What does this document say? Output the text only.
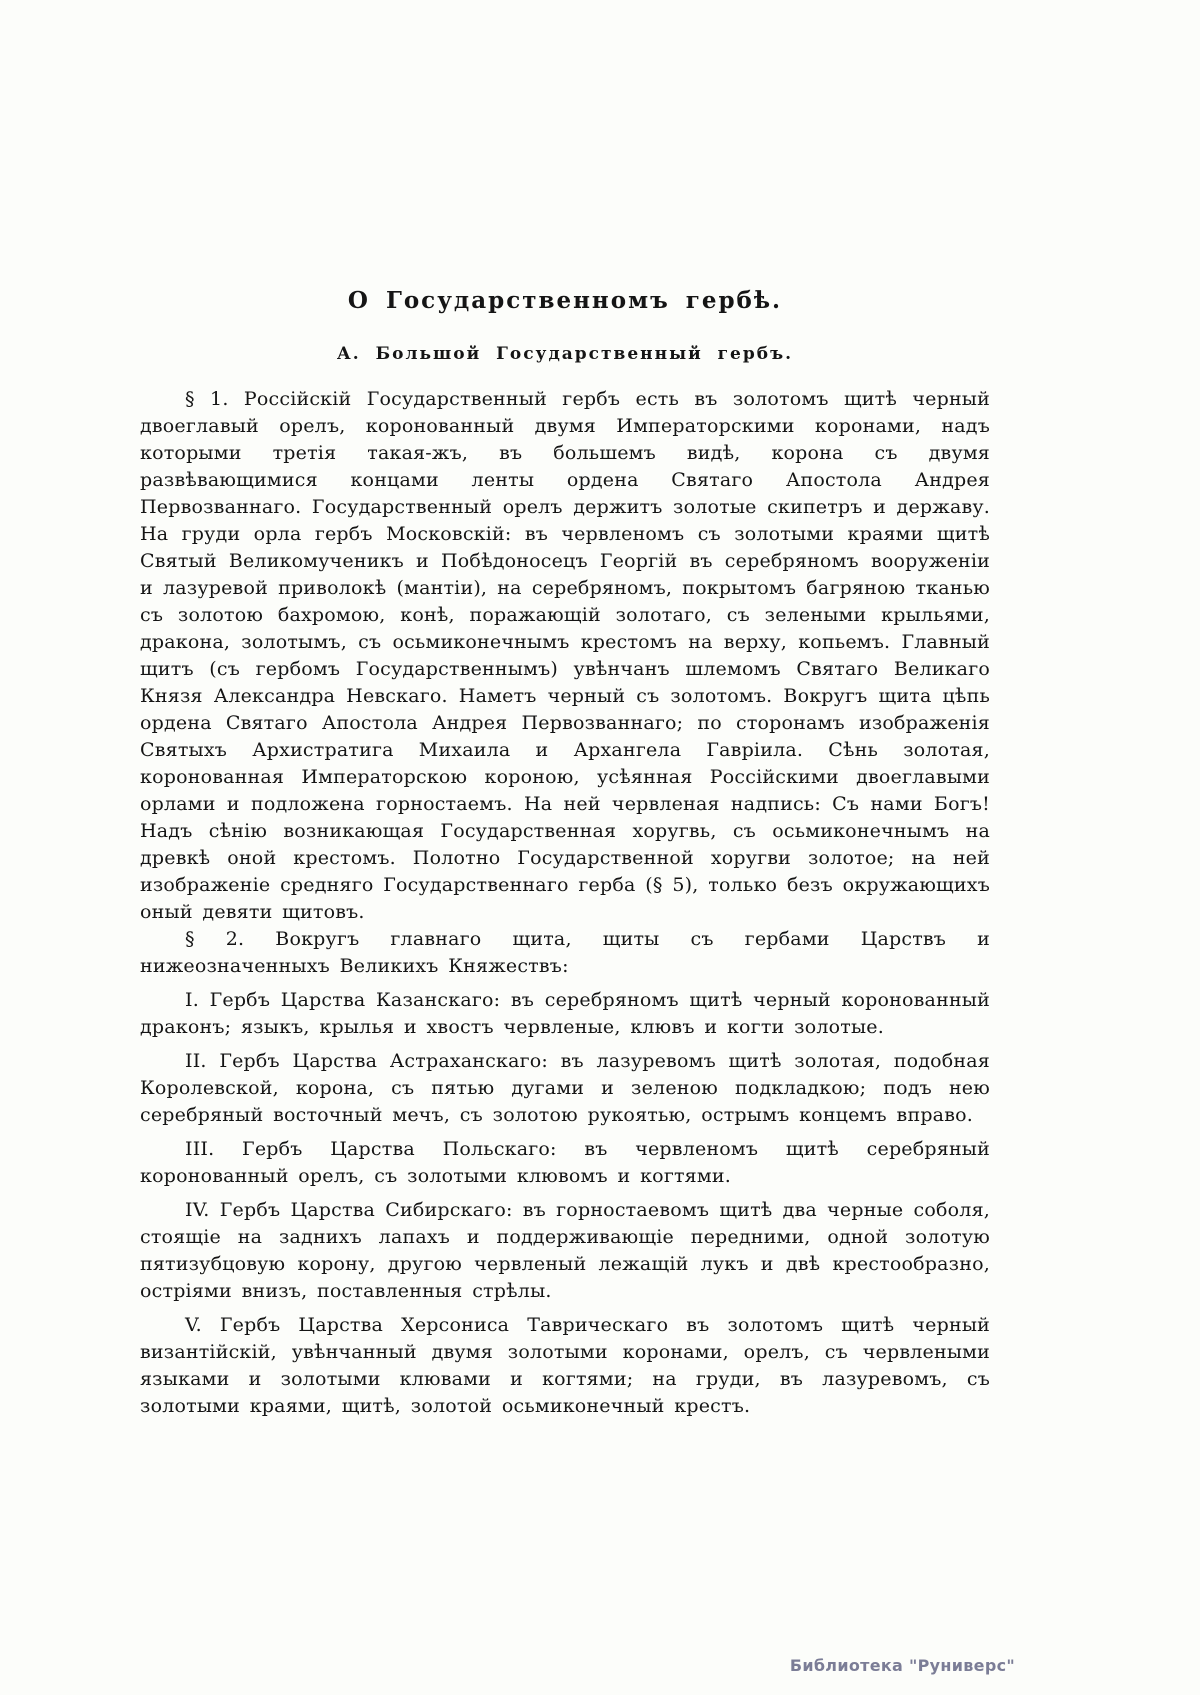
О Государственномъ гербѣ.
А. Большой Государственный гербъ.

§ 1. Россійскій Государственный гербъ есть въ золотомъ щитѣ черный двоеглавый орелъ, коронованный двумя Императорскими коронами, надъ которыми третія такая-жъ, въ большемъ видѣ, корона съ двумя развѣвающимися концами ленты ордена Святаго Апостола Андрея Первозваннаго. Государственный орелъ держитъ золотые скипетръ и державу. На груди орла гербъ Московскій: въ червленомъ съ золотыми краями щитѣ Святый Великомученикъ и Побѣдоносецъ Георгій въ серебряномъ вооруженіи и лазуревой приволокѣ (мантіи), на серебряномъ, покрытомъ багряною тканью съ золотою бахромою, конѣ, поражающій золотаго, съ зелеными крыльями, дракона, золотымъ, съ осьмиконечнымъ крестомъ на верху, копьемъ. Главный щитъ (съ гербомъ Государственнымъ) увѣнчанъ шлемомъ Святаго Великаго Князя Александра Невскаго. Наметъ черный съ золотомъ. Вокругъ щита цѣпь ордена Святаго Апостола Андрея Первозваннаго; по сторонамъ изображенія Святыхъ Архистратига Михаила и Архангела Гавріила. Сѣнь золотая, коронованная Императорскою короною, усѣянная Россійскими двоеглавыми орлами и подложена горностаемъ. На ней червленая надпись: Съ нами Богъ! Надъ сѣнію возникающая Государственная хоругвь, съ осьмиконечнымъ на древкѣ оной крестомъ. Полотно Государственной хоругви золотое; на ней изображеніе средняго Государственнаго герба (§ 5), только безъ окружающихъ оный девяти щитовъ.

§ 2. Вокругъ главнаго щита, щиты съ гербами Царствъ и нижеозначенныхъ Великихъ Княжествъ:

I. Гербъ Царства Казанскаго: въ серебряномъ щитѣ черный коронованный драконъ; языкъ, крылья и хвостъ червленые, клювъ и когти золотые.

II. Гербъ Царства Астраханскаго: въ лазуревомъ щитѣ золотая, подобная Королевской, корона, съ пятью дугами и зеленою подкладкою; подъ нею серебряный восточный мечъ, съ золотою рукоятью, острымъ концемъ вправо.

III. Гербъ Царства Польскаго: въ червленомъ щитѣ серебряный коронованный орелъ, съ золотыми клювомъ и когтями.

IV. Гербъ Царства Сибирскаго: въ горностаевомъ щитѣ два черные соболя, стоящіе на заднихъ лапахъ и поддерживающіе передними, одной золотую пятизубцовую корону, другою червленый лежащій лукъ и двѣ крестообразно, остріями внизъ, поставленныя стрѣлы.

V. Гербъ Царства Херсониса Таврическаго въ золотомъ щитѣ черный византійскій, увѣнчанный двумя золотыми коронами, орелъ, съ червлеными языками и золотыми клювами и когтями; на груди, въ лазуревомъ, съ золотыми краями, щитѣ, золотой осьмиконечный крестъ.

Библиотека "Руниверс"
